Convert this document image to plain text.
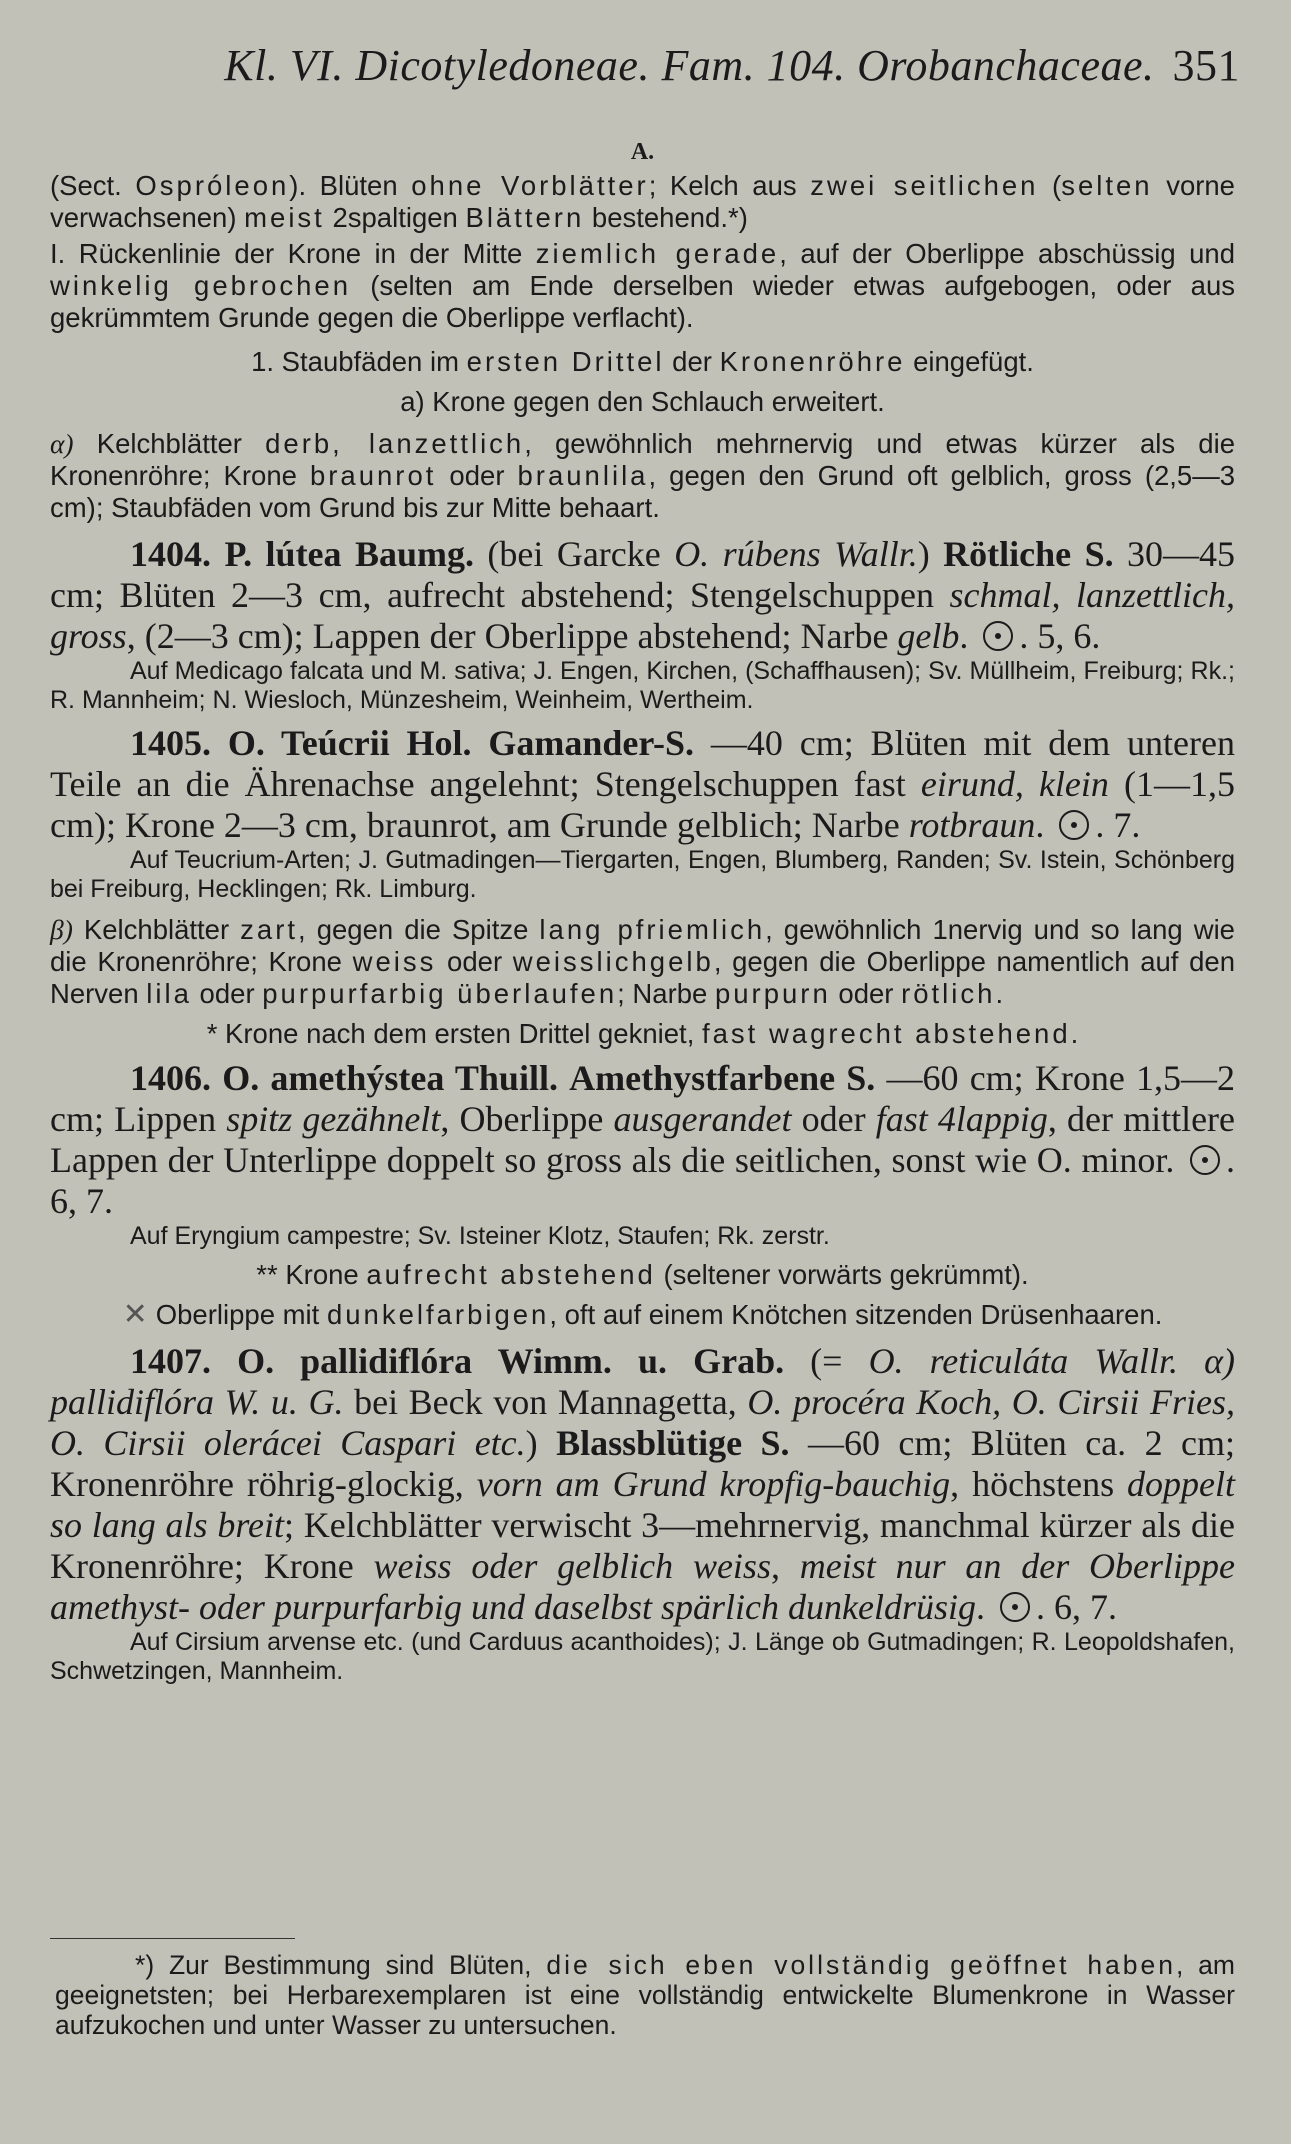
Kl. VI. Dicotyledoneae. Fam. 104. Orobanchaceae. 351

A.

(Sect. Ospróleon). Blüten ohne Vorblätter; Kelch aus zwei seitlichen (selten vorne verwachsenen) meist 2spaltigen Blättern bestehend.*)

I. Rückenlinie der Krone in der Mitte ziemlich gerade, auf der Oberlippe abschüssig und winkelig gebrochen (selten am Ende derselben wieder etwas aufgebogen, oder aus gekrümmtem Grunde gegen die Oberlippe verflacht).

1. Staubfäden im ersten Drittel der Kronenröhre eingefügt.

a) Krone gegen den Schlauch erweitert.

α) Kelchblätter derb, lanzettlich, gewöhnlich mehrnervig und etwas kürzer als die Kronenröhre; Krone braunrot oder braunlila, gegen den Grund oft gelblich, gross (2,5—3 cm); Staubfäden vom Grund bis zur Mitte behaart.

1404. P. lútea Baumg. (bei Garcke O. rúbens Wallr.) Rötliche S. 30—45 cm; Blüten 2—3 cm, aufrecht abstehend; Stengelschuppen schmal, lanzettlich, gross, (2—3 cm); Lappen der Oberlippe abstehend; Narbe gelb. . 5, 6.

Auf Medicago falcata und M. sativa; J. Engen, Kirchen, (Schaffhausen); Sv. Müllheim, Freiburg; Rk.; R. Mannheim; N. Wiesloch, Münzesheim, Weinheim, Wertheim.

1405. O. Teúcrii Hol. Gamander-S. —40 cm; Blüten mit dem unteren Teile an die Ährenachse angelehnt; Stengelschuppen fast eirund, klein (1—1,5 cm); Krone 2—3 cm, braunrot, am Grunde gelblich; Narbe rotbraun. . 7.

Auf Teucrium-Arten; J. Gutmadingen—Tiergarten, Engen, Blumberg, Randen; Sv. Istein, Schönberg bei Freiburg, Hecklingen; Rk. Limburg.

β) Kelchblätter zart, gegen die Spitze lang pfriemlich, gewöhnlich 1nervig und so lang wie die Kronenröhre; Krone weiss oder weisslichgelb, gegen die Oberlippe namentlich auf den Nerven lila oder purpurfarbig überlaufen; Narbe purpurn oder rötlich.

* Krone nach dem ersten Drittel gekniet, fast wagrecht abstehend.

1406. O. amethýstea Thuill. Amethystfarbene S. —60 cm; Krone 1,5—2 cm; Lippen spitz gezähnelt, Oberlippe ausgerandet oder fast 4lappig, der mittlere Lappen der Unterlippe doppelt so gross als die seitlichen, sonst wie O. minor. . 6, 7.

Auf Eryngium campestre; Sv. Isteiner Klotz, Staufen; Rk. zerstr.

** Krone aufrecht abstehend (seltener vorwärts gekrümmt).

✕ Oberlippe mit dunkelfarbigen, oft auf einem Knötchen sitzenden Drüsenhaaren.

1407. O. pallidiflóra Wimm. u. Grab. (= O. reticuláta Wallr. α) pallidiflóra W. u. G. bei Beck von Mannagetta, O. procéra Koch, O. Cirsii Fries, O. Cirsii olerácei Caspari etc.) Blassblütige S. —60 cm; Blüten ca. 2 cm; Kronenröhre röhrig-glockig, vorn am Grund kropfig-bauchig, höchstens doppelt so lang als breit; Kelchblätter verwischt 3—mehrnervig, manchmal kürzer als die Kronenröhre; Krone weiss oder gelblich weiss, meist nur an der Oberlippe amethyst- oder purpurfarbig und daselbst spärlich dunkeldrüsig. . 6, 7.

Auf Cirsium arvense etc. (und Carduus acanthoides); J. Länge ob Gutmadingen; R. Leopoldshafen, Schwetzingen, Mannheim.

*) Zur Bestimmung sind Blüten, die sich eben vollständig geöffnet haben, am geeignetsten; bei Herbarexemplaren ist eine vollständig entwickelte Blumenkrone in Wasser aufzukochen und unter Wasser zu untersuchen.
